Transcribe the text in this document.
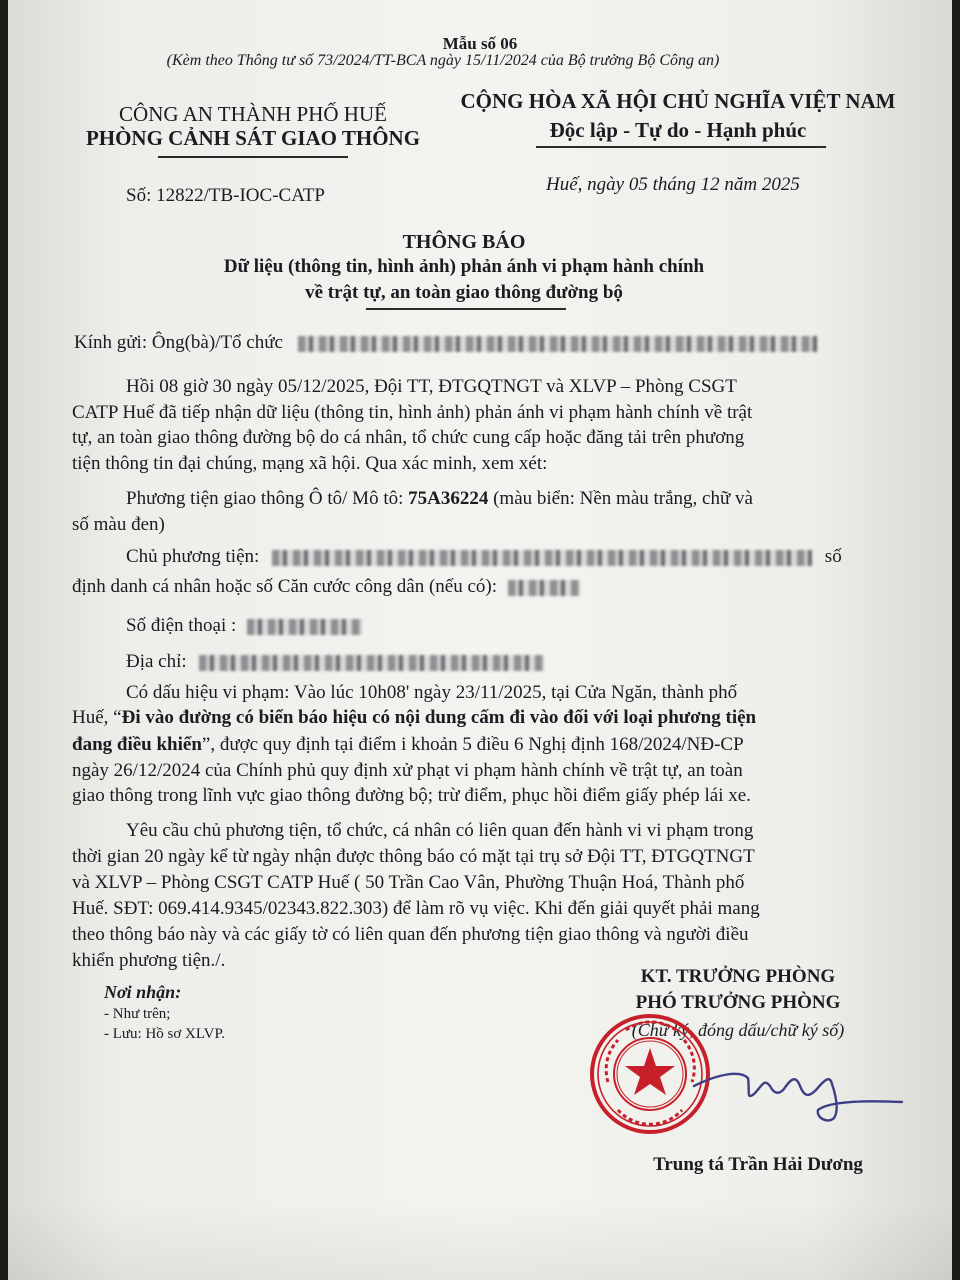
Mẫu số 06
(Kèm theo Thông tư số 73/2024/TT-BCA ngày 15/11/2024 của Bộ trưởng Bộ Công an)
CÔNG AN THÀNH PHỐ HUẾ
PHÒNG CẢNH SÁT GIAO THÔNG
Số: 12822/TB-IOC-CATP
CỘNG HÒA XÃ HỘI CHỦ NGHĨA VIỆT NAM
Độc lập - Tự do - Hạnh phúc
Huế, ngày 05 tháng 12 năm 2025
THÔNG BÁO
Dữ liệu (thông tin, hình ảnh) phản ánh vi phạm hành chính
về trật tự, an toàn giao thông đường bộ
Kính gửi: Ông(bà)/Tổ chức
Hồi 08 giờ 30 ngày 05/12/2025, Đội TT, ĐTGQTNGT và XLVP – Phòng CSGT
CATP Huế đã tiếp nhận dữ liệu (thông tin, hình ảnh) phản ánh vi phạm hành chính về trật
tự, an toàn giao thông đường bộ do cá nhân, tổ chức cung cấp hoặc đăng tải trên phương
tiện thông tin đại chúng, mạng xã hội. Qua xác minh, xem xét:
Phương tiện giao thông Ô tô/ Mô tô: 75A36224 (màu biển: Nền màu trắng, chữ và
số màu đen)
Chủ phương tiện:	số
định danh cá nhân hoặc số Căn cước công dân (nếu có):
Số điện thoại :
Địa chỉ:
Có dấu hiệu vi phạm: Vào lúc 10h08' ngày 23/11/2025, tại Cửa Ngăn, thành phố
Huế, “Đi vào đường có biển báo hiệu có nội dung cấm đi vào đối với loại phương tiện
đang điều khiển”, được quy định tại điểm i khoản 5 điều 6 Nghị định 168/2024/NĐ-CP
ngày 26/12/2024 của Chính phủ quy định xử phạt vi phạm hành chính về trật tự, an toàn
giao thông trong lĩnh vực giao thông đường bộ; trừ điểm, phục hồi điểm giấy phép lái xe.
Yêu cầu chủ phương tiện, tổ chức, cá nhân có liên quan đến hành vi vi phạm trong
thời gian 20 ngày kể từ ngày nhận được thông báo có mặt tại trụ sở Đội TT, ĐTGQTNGT
và XLVP – Phòng CSGT CATP Huế ( 50 Trần Cao Vân, Phường Thuận Hoá, Thành phố
Huế. SĐT: 069.414.9345/02343.822.303) để làm rõ vụ việc. Khi đến giải quyết phải mang
theo thông báo này và các giấy tờ có liên quan đến phương tiện giao thông và người điều
khiển phương tiện./.
Nơi nhận:
- Như trên;
- Lưu: Hồ sơ XLVP.
KT. TRƯỞNG PHÒNG
PHÓ TRƯỞNG PHÒNG
(Chữ ký, đóng dấu/chữ ký số)
Trung tá Trần Hải Dương
